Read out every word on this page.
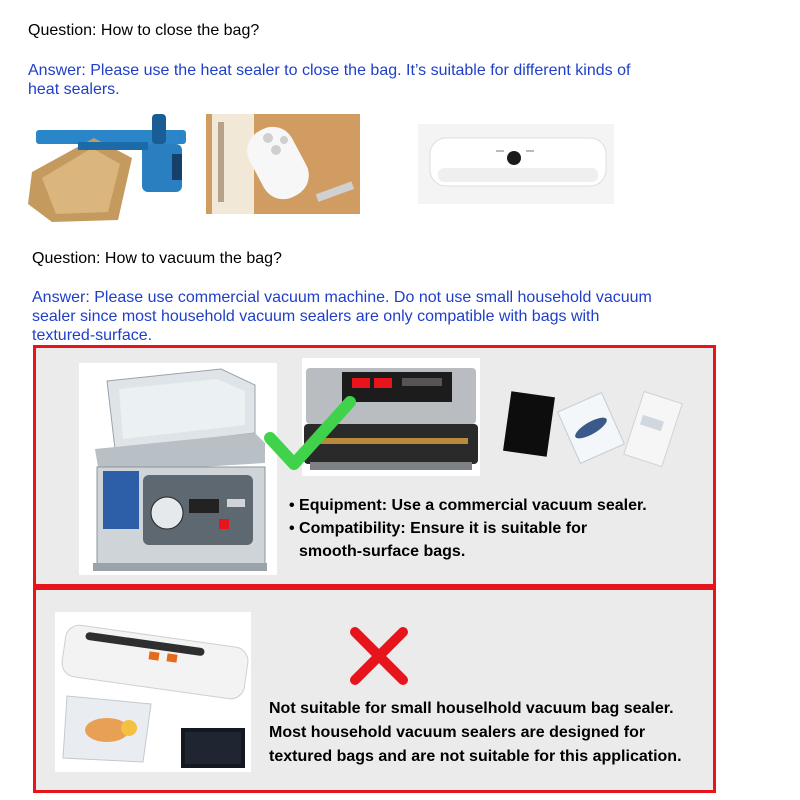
Question: How to close the bag?
Answer: Please use the heat sealer to close the bag. It’s suitable for different kinds of heat sealers.
Question: How to vacuum the bag?
Answer: Please use commercial vacuum machine. Do not use small household vacuum sealer since most household vacuum sealers are only compatible with bags with textured-surface.
• Equipment: Use a commercial vacuum sealer.
• Compatibility: Ensure it is suitable for
smooth-surface bags.
Not suitable for small houselhold vacuum bag sealer.
Most household vacuum sealers are designed for
textured bags and are not suitable for this application.
